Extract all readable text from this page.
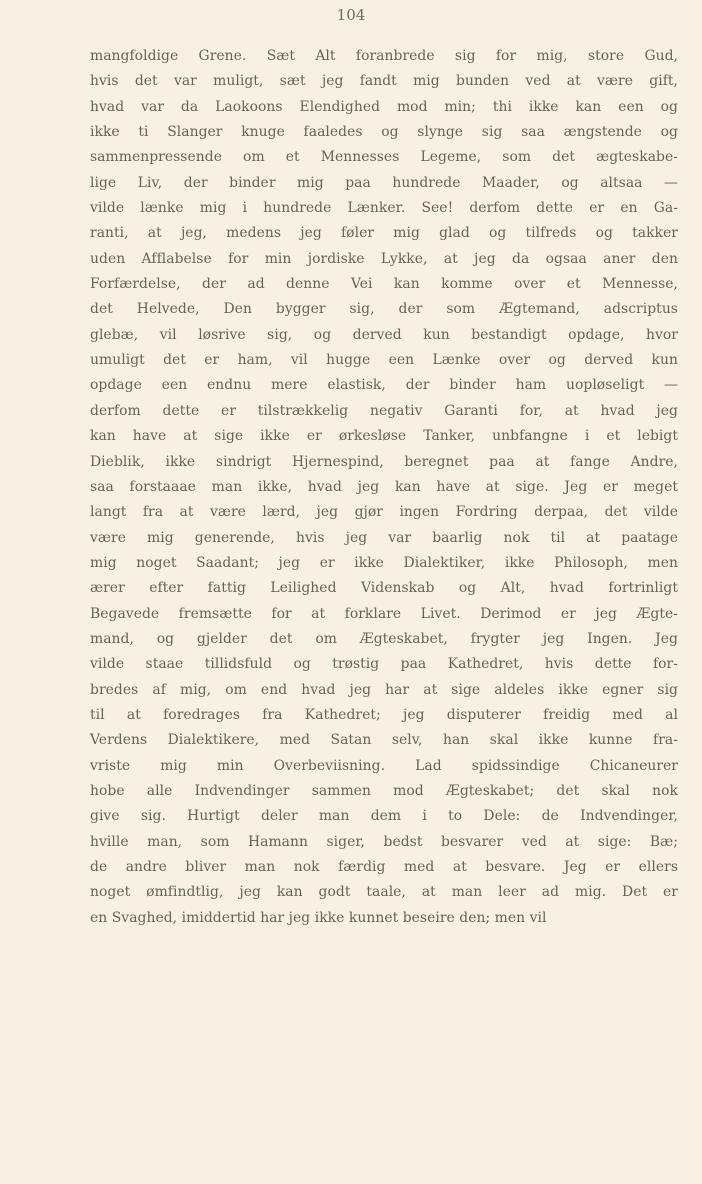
104
mangfoldige Grene. Sæt Alt foranbrede sig for mig, store Gud,
hvis det var muligt, sæt jeg fandt mig bunden ved at være gift,
hvad var da Laokoons Elendighed mod min; thi ikke kan een og
ikke ti Slanger knuge faaledes og slynge sig saa ængstende og
sammenpressende om et Mennesses Legeme, som det ægteskabe-
lige Liv, der binder mig paa hundrede Maader, og altsaa —
vilde lænke mig i hundrede Lænker. See! derfom dette er en Ga-
ranti, at jeg, medens jeg føler mig glad og tilfreds og takker
uden Afflabelse for min jordiske Lykke, at jeg da ogsaa aner den
Forfærdelse, der ad denne Vei kan komme over et Mennesse,
det Helvede, Den bygger sig, der som Ægtemand, adscriptus
glebæ, vil løsrive sig, og derved kun bestandigt opdage, hvor
umuligt det er ham, vil hugge een Lænke over og derved kun
opdage een endnu mere elastisk, der binder ham uopløseligt —
derfom dette er tilstrækkelig negativ Garanti for, at hvad jeg
kan have at sige ikke er ørkesløse Tanker, unbfangne i et lebigt
Dieblik, ikke sindrigt Hjernespind, beregnet paa at fange Andre,
saa forstaaae man ikke, hvad jeg kan have at sige. Jeg er meget
langt fra at være lærd, jeg gjør ingen Fordring derpaa, det vilde
være mig generende, hvis jeg var baarlig nok til at paatage
mig noget Saadant; jeg er ikke Dialektiker, ikke Philosoph, men
ærer efter fattig Leilighed Videnskab og Alt, hvad fortrinligt
Begavede fremsætte for at forklare Livet. Derimod er jeg Ægte-
mand, og gjelder det om Ægteskabet, frygter jeg Ingen. Jeg
vilde staae tillidsfuld og trøstig paa Kathedret, hvis dette for-
bredes af mig, om end hvad jeg har at sige aldeles ikke egner sig
til at foredrages fra Kathedret; jeg disputerer freidig med al
Verdens Dialektikere, med Satan selv, han skal ikke kunne fra-
vriste mig min Overbeviisning. Lad spidssindige Chicaneurer
hobe alle Indvendinger sammen mod Ægteskabet; det skal nok
give sig. Hurtigt deler man dem i to Dele: de Indvendinger,
hville man, som Hamann siger, bedst besvarer ved at sige: Bæ;
de andre bliver man nok færdig med at besvare. Jeg er ellers
noget ømfindtlig, jeg kan godt taale, at man leer ad mig. Det er
en Svaghed, imiddertid har jeg ikke kunnet beseire den; men vil
